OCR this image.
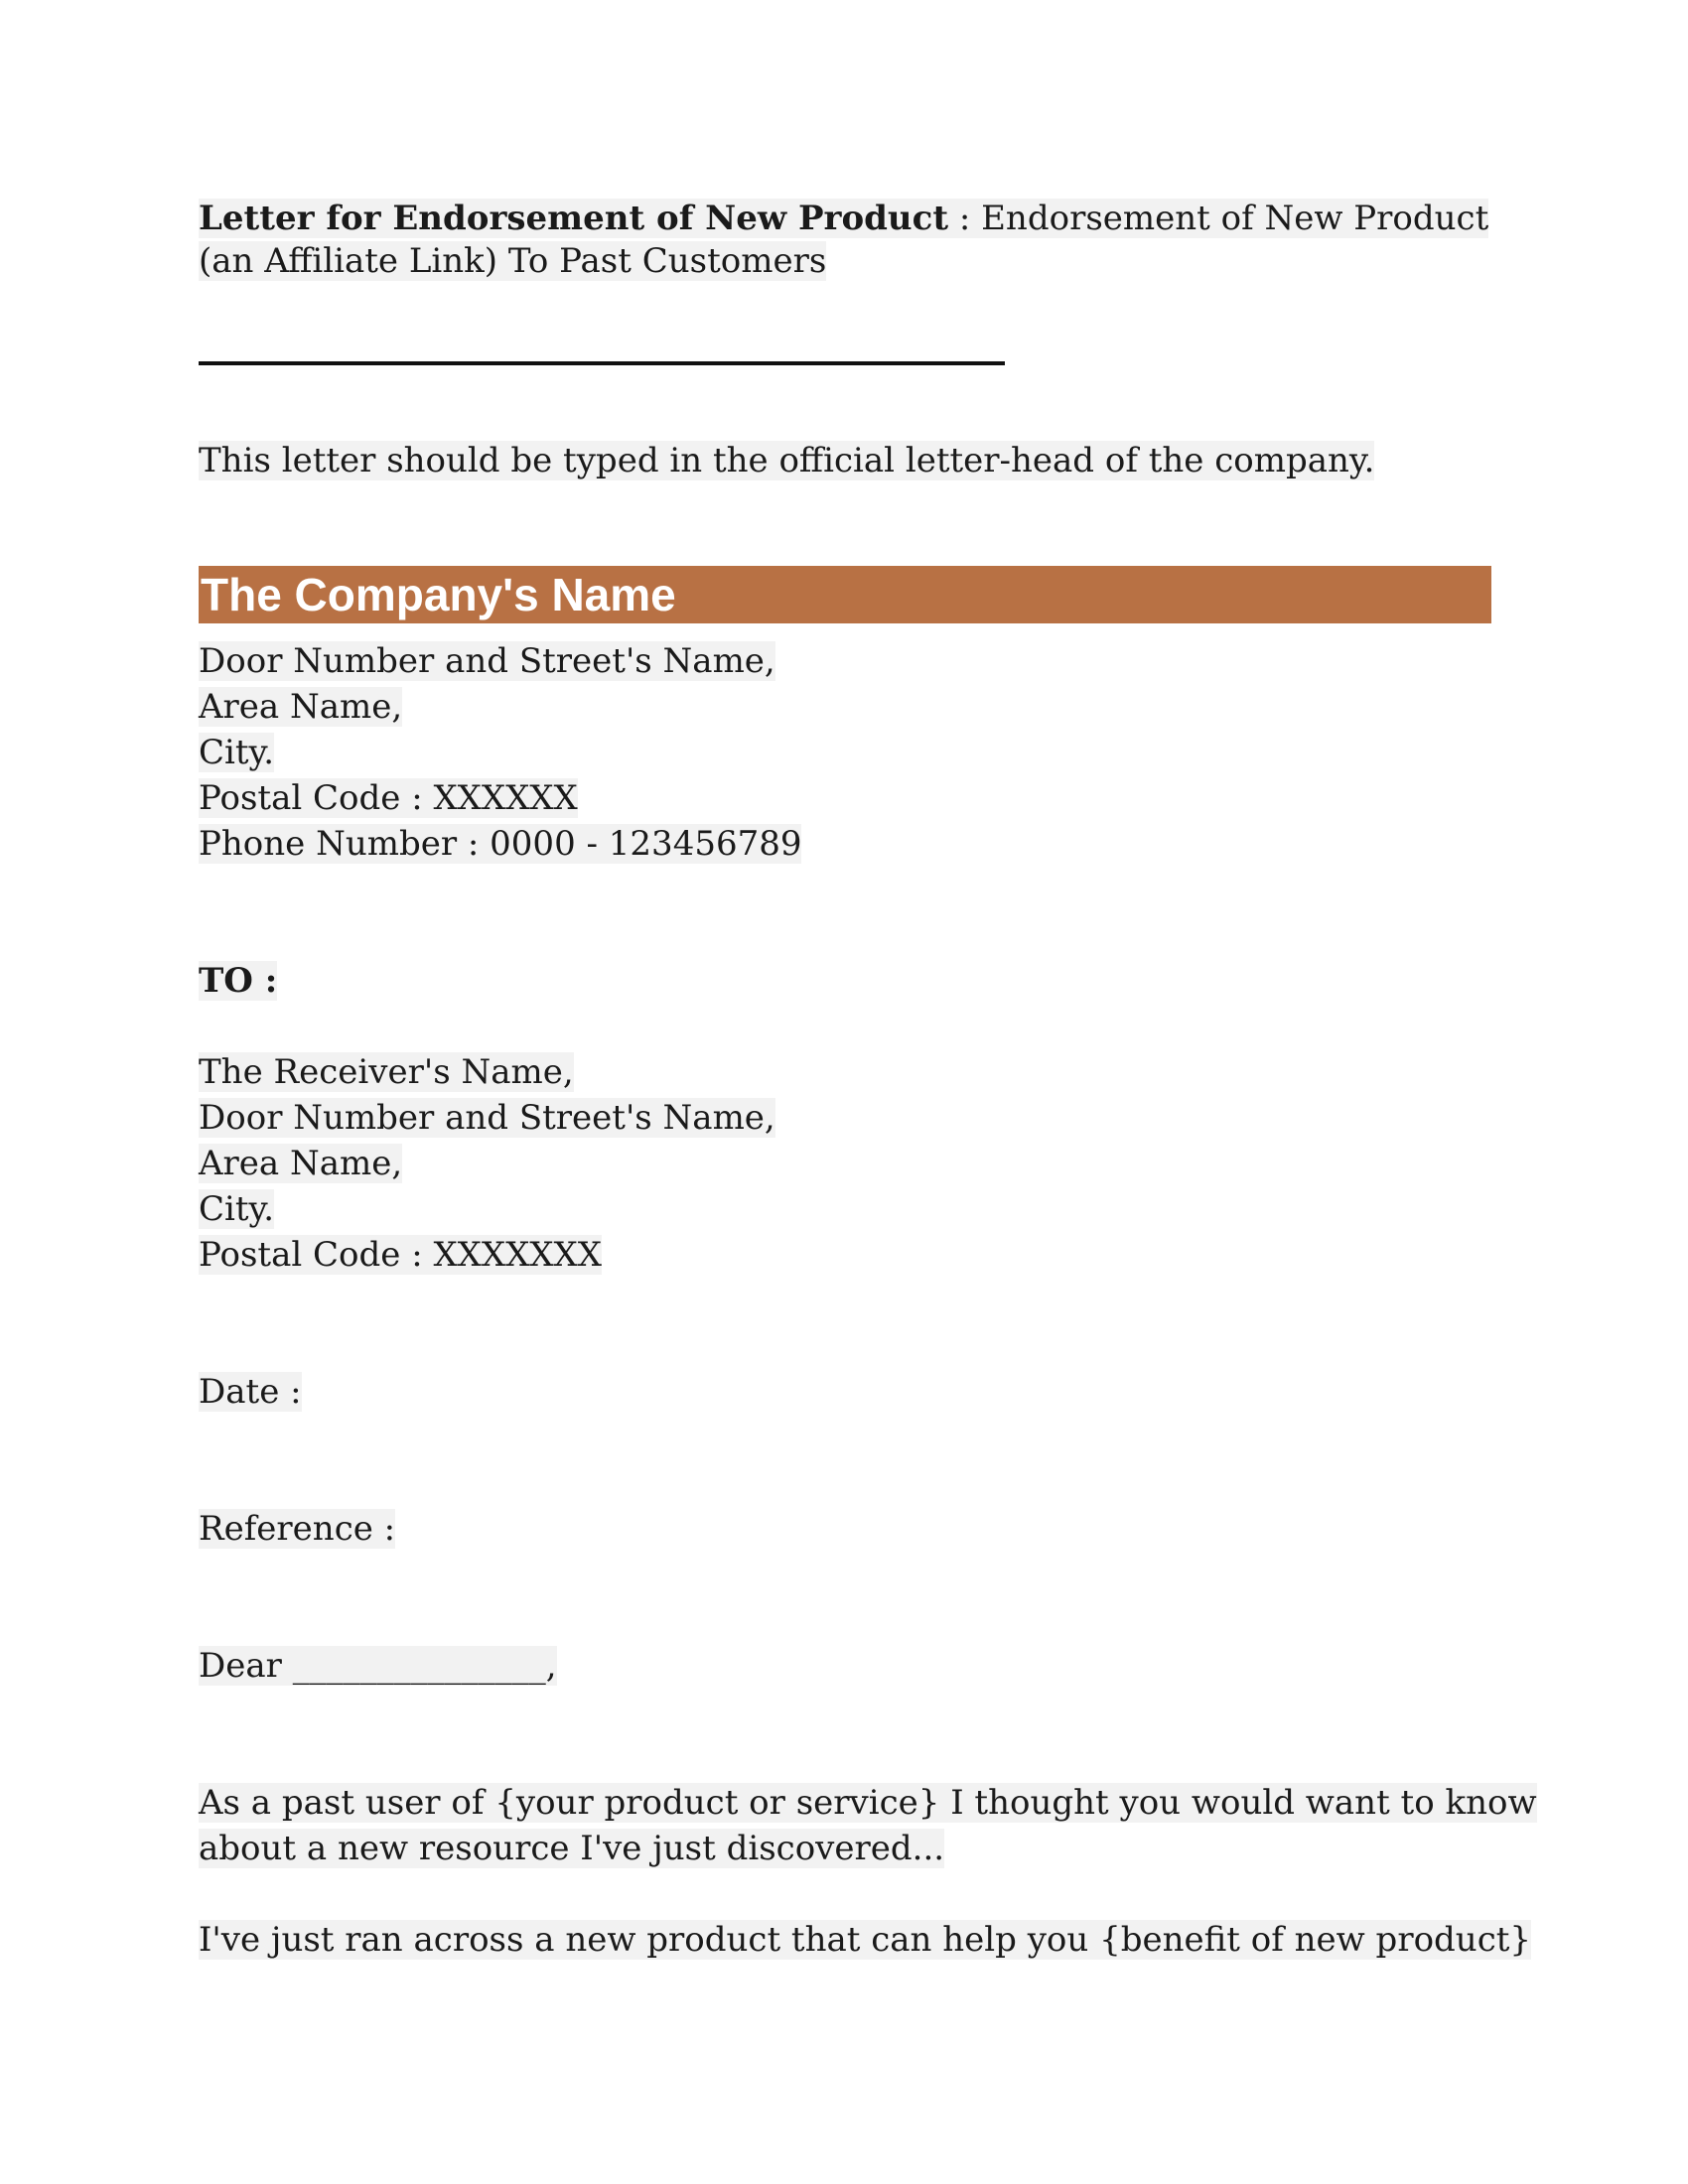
Letter for Endorsement of New Product : Endorsement of New Product
(an Affiliate Link) To Past Customers
This letter should be typed in the official letter-head of the company.
The Company's Name
Door Number and Street's Name,
Area Name,
City.
Postal Code : XXXXXX
Phone Number : 0000 - 123456789
TO :
The Receiver's Name,
Door Number and Street's Name,
Area Name,
City.
Postal Code : XXXXXXX
Date :
Reference :
Dear _______________,
As a past user of {your product or service} I thought you would want to know
about a new resource I've just discovered...
I've just ran across a new product that can help you {benefit of new product}
